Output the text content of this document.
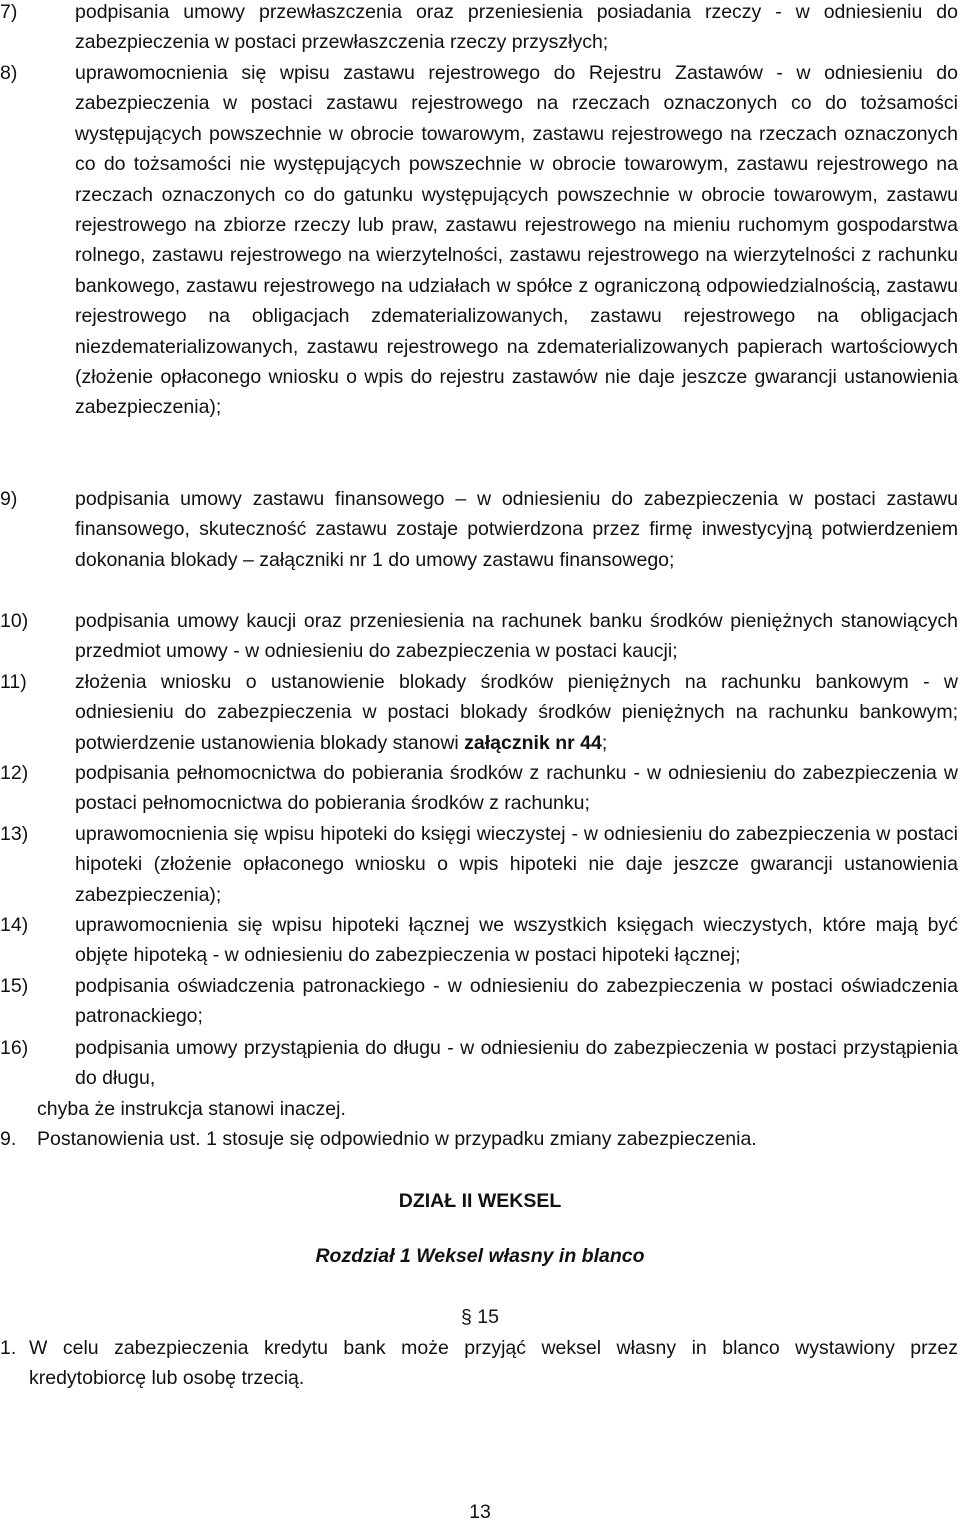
7)	podpisania umowy przewłaszczenia oraz przeniesienia posiadania rzeczy - w odniesieniu do zabezpieczenia w postaci przewłaszczenia rzeczy przyszłych;
8)	uprawomocnienia się wpisu zastawu rejestrowego do Rejestru Zastawów - w odniesieniu do zabezpieczenia w postaci zastawu rejestrowego na rzeczach oznaczonych co do tożsamości występujących powszechnie w obrocie towarowym, zastawu rejestrowego na rzeczach oznaczonych co do tożsamości nie występujących powszechnie w obrocie towarowym, zastawu rejestrowego na rzeczach oznaczonych co do gatunku występujących powszechnie w obrocie towarowym, zastawu rejestrowego na zbiorze rzeczy lub praw, zastawu rejestrowego na mieniu ruchomym gospodarstwa rolnego, zastawu rejestrowego na wierzytelności, zastawu rejestrowego na wierzytelności z rachunku bankowego, zastawu rejestrowego na udziałach w spółce z ograniczoną odpowiedzialnością, zastawu rejestrowego na obligacjach zdematerializowanych, zastawu rejestrowego na obligacjach niezdematerializowanych, zastawu rejestrowego na zdematerializowanych papierach wartościowych (złożenie opłaconego wniosku o wpis do rejestru zastawów nie daje jeszcze gwarancji ustanowienia zabezpieczenia);
9)	podpisania umowy zastawu finansowego – w odniesieniu do zabezpieczenia w postaci zastawu finansowego, skuteczność zastawu zostaje potwierdzona przez firmę inwestycyjną potwierdzeniem dokonania blokady – załączniki nr 1 do umowy zastawu finansowego;
10)	podpisania umowy kaucji oraz przeniesienia na rachunek banku środków pieniężnych stanowiących przedmiot umowy - w odniesieniu do zabezpieczenia w postaci kaucji;
11)	złożenia wniosku o ustanowienie blokady środków pieniężnych na rachunku bankowym - w odniesieniu do zabezpieczenia w postaci blokady środków pieniężnych na rachunku bankowym; potwierdzenie ustanowienia blokady stanowi załącznik nr 44;
12)	podpisania pełnomocnictwa do pobierania środków z rachunku - w odniesieniu do zabezpieczenia w postaci pełnomocnictwa do pobierania środków z rachunku;
13)	uprawomocnienia się wpisu hipoteki do księgi wieczystej - w odniesieniu do zabezpieczenia w postaci hipoteki (złożenie opłaconego wniosku o wpis hipoteki nie daje jeszcze gwarancji ustanowienia zabezpieczenia);
14)	uprawomocnienia się wpisu hipoteki łącznej we wszystkich księgach wieczystych, które mają być objęte hipoteką - w odniesieniu do zabezpieczenia w postaci hipoteki łącznej;
15)	podpisania oświadczenia patronackiego - w odniesieniu do zabezpieczenia w postaci oświadczenia patronackiego;
16)	podpisania umowy przystąpienia do długu - w odniesieniu do zabezpieczenia w postaci przystąpienia do długu,
chyba że instrukcja stanowi inaczej.
9.	Postanowienia ust. 1 stosuje się odpowiednio w przypadku zmiany zabezpieczenia.
DZIAŁ II WEKSEL
Rozdział 1 Weksel własny in blanco
§ 15
1. W celu zabezpieczenia kredytu bank może przyjąć weksel własny in blanco wystawiony przez kredytobiorcę lub osobę trzecią.
13
